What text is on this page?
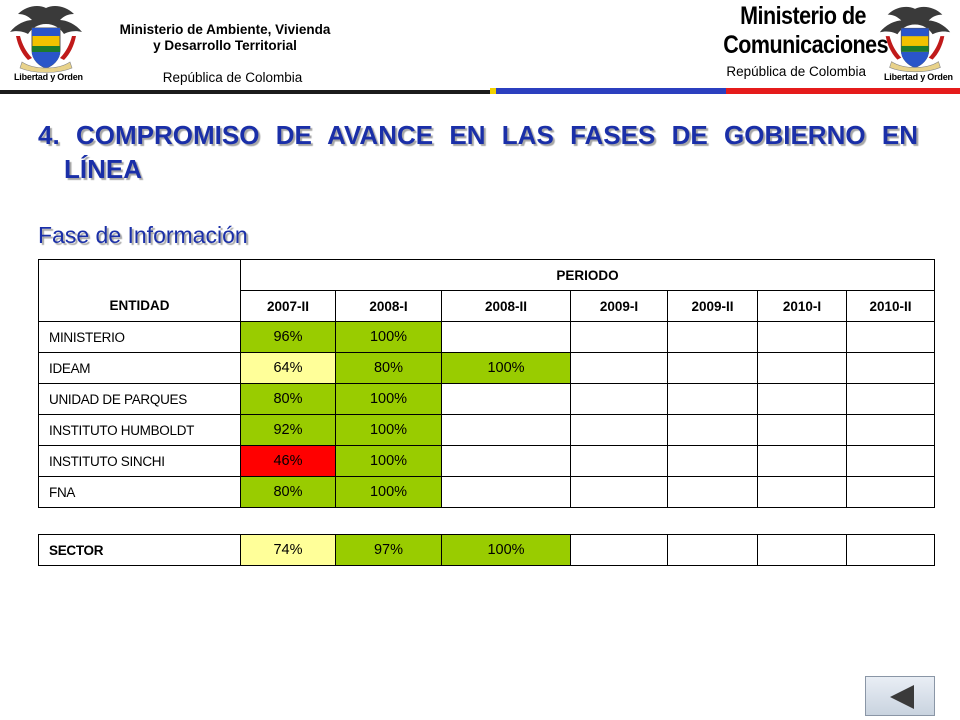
Libertad y Orden
Ministerio de Ambiente, Vivienda
y Desarrollo Territorial
República de Colombia
Ministerio de
Comunicaciones
República de Colombia Libertad y Orden
4. COMPROMISO DE AVANCE EN LAS FASES DE GOBIERNO EN
LÍNEA
Fase de Información
ENTIDAD	PERIODO						
	2007-II	2008-I	2008-II	2009-I	2009-II	2010-I	2010-II
MINISTERIO	96%	100%					
IDEAM	64%	80%	100%				
UNIDAD DE PARQUES	80%	100%					
INSTITUTO HUMBOLDT	92%	100%					
INSTITUTO SINCHI	46%	100%					
FNA	80%	100%					

SECTOR	74%	97%	100%				
